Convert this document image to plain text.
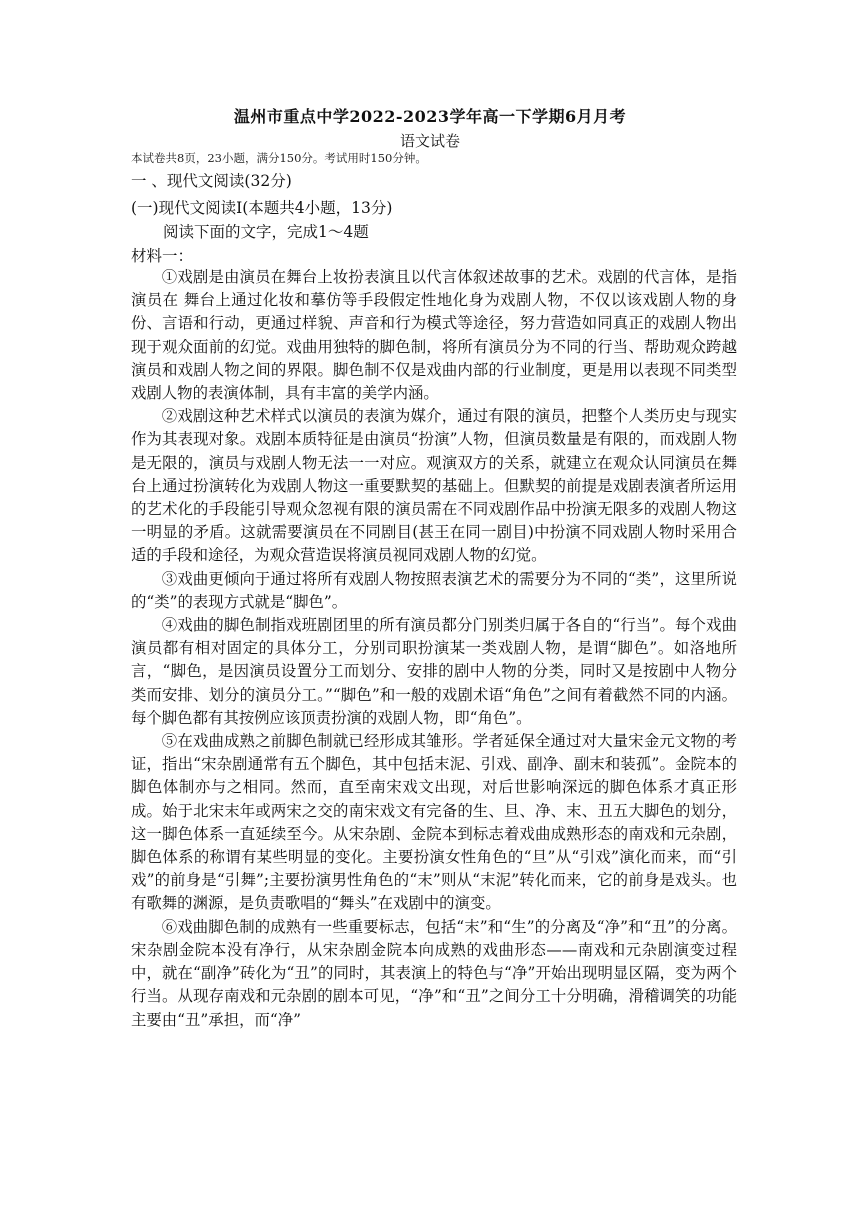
温州市重点中学2022-2023学年高一下学期6月月考
语文试卷
本试卷共8页，23小题，满分150分。考试用时150分钟。
一 、现代文阅读(32分)
(一)现代文阅读Ⅰ(本题共4小题，13分)
阅读下面的文字，完成1～4题
材料一：

①戏剧是由演员在舞台上妆扮表演且以代言体叙述故事的艺术。戏剧的代言体，是指演员在 舞台上通过化妆和摹仿等手段假定性地化身为戏剧人物，不仅以该戏剧人物的身份、言语和行动，更通过样貌、声音和行为模式等途径，努力营造如同真正的戏剧人物出现于观众面前的幻觉。戏曲用独特的脚色制，将所有演员分为不同的行当、帮助观众跨越演员和戏剧人物之间的界限。脚色制不仅是戏曲内部的行业制度，更是用以表现不同类型戏剧人物的表演体制，具有丰富的美学内涵。

②戏剧这种艺术样式以演员的表演为媒介，通过有限的演员，把整个人类历史与现实作为其表现对象。戏剧本质特征是由演员“扮演”人物，但演员数量是有限的，而戏剧人物是无限的，演员与戏剧人物无法一一对应。观演双方的关系，就建立在观众认同演员在舞台上通过扮演转化为戏剧人物这一重要默契的基础上。但默契的前提是戏剧表演者所运用的艺术化的手段能引导观众忽视有限的演员需在不同戏剧作品中扮演无限多的戏剧人物这一明显的矛盾。这就需要演员在不同剧目(甚王在同一剧目)中扮演不同戏剧人物时采用合适的手段和途径，为观众营造误将演员视同戏剧人物的幻觉。

③戏曲更倾向于通过将所有戏剧人物按照表演艺术的需要分为不同的“类”，这里所说的“类”的表现方式就是“脚色”。

④戏曲的脚色制指戏班剧团里的所有演员都分门别类归属于各自的“行当”。每个戏曲演员都有相对固定的具体分工，分别司职扮演某一类戏剧人物，是谓“脚色”。如洛地所言，“脚色，是因演员设置分工而划分、安排的剧中人物的分类，同时又是按剧中人物分类而安排、划分的演员分工。”“脚色”和一般的戏剧术语“角色”之间有着截然不同的内涵。每个脚色都有其按例应该顶责扮演的戏剧人物，即“角色”。

⑤在戏曲成熟之前脚色制就已经形成其雏形。学者延保全通过对大量宋金元文物的考证，指出“宋杂剧通常有五个脚色，其中包括末泥、引戏、副净、副末和装孤”。金院本的脚色体制亦与之相同。然而，直至南宋戏文出现，对后世影响深远的脚色体系才真正形成。始于北宋末年或两宋之交的南宋戏文有完备的生、旦、净、末、丑五大脚色的划分，这一脚色体系一直延续至今。从宋杂剧、金院本到标志着戏曲成熟形态的南戏和元杂剧，脚色体系的称谓有某些明显的变化。主要扮演女性角色的“旦”从“引戏”演化而来，而“引戏”的前身是“引舞”;主要扮演男性角色的“末”则从“末泥”转化而来，它的前身是戏头。也有歌舞的渊源，是负责歌唱的“舞头”在戏剧中的演变。

⑥戏曲脚色制的成熟有一些重要标志，包括“末”和“生”的分离及“净”和“丑”的分离。宋杂剧金院本没有净行，从宋杂剧金院本向成熟的戏曲形态——南戏和元杂剧演变过程中，就在“副净”砖化为“丑”的同时，其表演上的特色与“净”开始出现明显区隔，变为两个行当。从现存南戏和元杂剧的剧本可见，“净”和“丑”之间分工十分明确，滑稽调笑的功能主要由“丑”承担，而“净”
